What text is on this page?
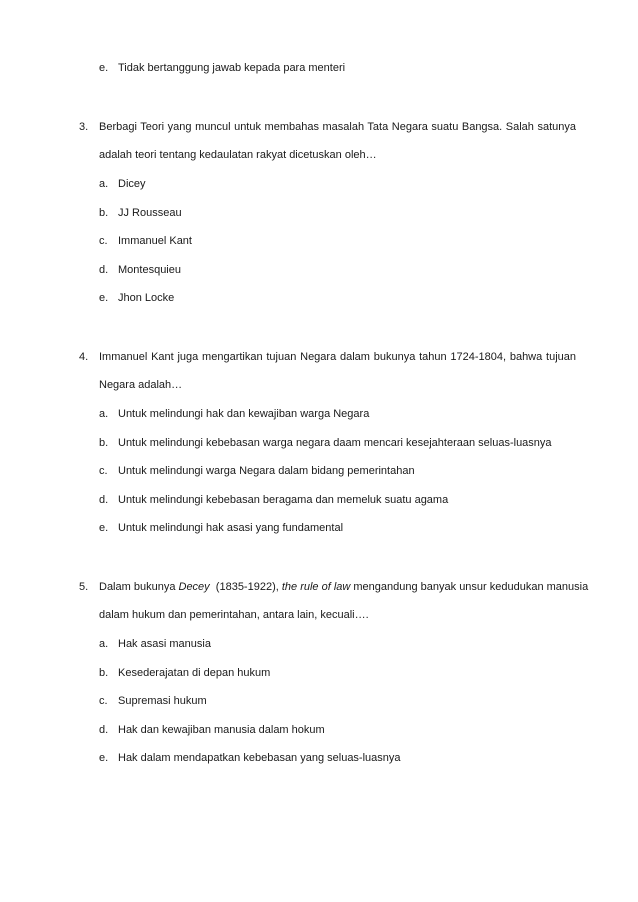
e. Tidak bertanggung jawab kepada para menteri
3. Berbagi Teori yang muncul untuk membahas masalah Tata Negara suatu Bangsa. Salah satunya
adalah teori tentang kedaulatan rakyat dicetuskan oleh…
a. Dicey
b. JJ Rousseau
c. Immanuel Kant
d. Montesquieu
e. Jhon Locke
4. Immanuel Kant juga mengartikan tujuan Negara dalam bukunya tahun 1724-1804, bahwa tujuan
Negara adalah…
a. Untuk melindungi hak dan kewajiban warga Negara
b. Untuk melindungi kebebasan warga negara daam mencari kesejahteraan seluas-luasnya
c. Untuk melindungi warga Negara dalam bidang pemerintahan
d. Untuk melindungi kebebasan beragama dan memeluk suatu agama
e. Untuk melindungi hak asasi yang fundamental
5. Dalam bukunya Decey  (1835-1922), the rule of law mengandung banyak unsur kedudukan manusia
dalam hukum dan pemerintahan, antara lain, kecuali….
a. Hak asasi manusia
b. Kesederajatan di depan hukum
c. Supremasi hukum
d. Hak dan kewajiban manusia dalam hokum
e. Hak dalam mendapatkan kebebasan yang seluas-luasnya
